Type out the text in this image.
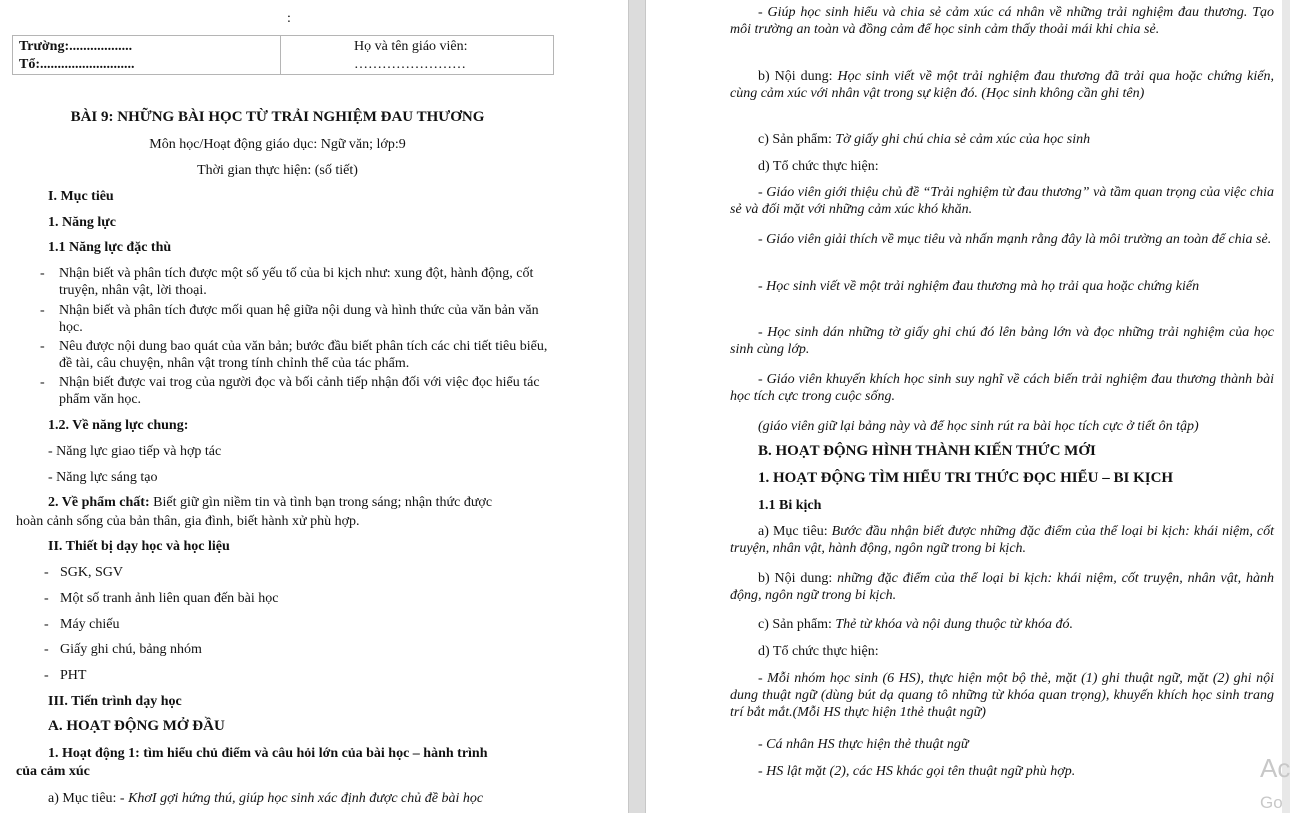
:
Trường:..................
Tổ:...........................
Họ và tên giáo viên:
……………………
BÀI 9: NHỮNG BÀI HỌC TỪ TRẢI NGHIỆM ĐAU THƯƠNG
Môn học/Hoạt động giáo dục: Ngữ văn; lớp:9
Thời gian thực hiện: (số tiết)
I. Mục tiêu
1. Năng lực
1.1 Năng lực đặc thù
-	Nhận biết và phân tích được một số yếu tố của bi kịch như: xung đột, hành động, cốt truyện, nhân vật, lời thoại.
-	Nhận biết và phân tích được mối quan hệ giữa nội dung và hình thức của văn bản văn học.
-	Nêu được nội dung bao quát của văn bản; bước đầu biết phân tích các chi tiết tiêu biểu, đề tài, câu chuyện, nhân vật trong tính chỉnh thể của tác phẩm.
-	Nhận biết được vai trog của người đọc và bối cảnh tiếp nhận đối với việc đọc hiểu tác phẩm văn học.
1.2. Về năng lực chung:
- Năng lực giao tiếp và hợp tác
- Năng lực sáng tạo
2. Về phẩm chất: Biết giữ gìn niềm tin và tình bạn trong sáng; nhận thức được
hoàn cảnh sống của bản thân, gia đình, biết hành xử phù hợp.
II. Thiết bị dạy học và học liệu
- SGK, SGV
- Một số tranh ảnh liên quan đến bài học
- Máy chiếu
- Giấy ghi chú, bảng nhóm
- PHT
III. Tiến trình dạy học
A. HOẠT ĐỘNG MỞ ĐẦU
1. Hoạt động 1: tìm hiểu chủ điểm và câu hỏi lớn của bài học – hành trình
của cảm xúc
a) Mục tiêu: - KhơI gợi hứng thú, giúp học sinh xác định được chủ đề bài học
- Giúp học sinh hiểu và chia sẻ cảm xúc cá nhân về những trải nghiệm đau thương. Tạo môi trường an toàn và đồng cảm để học sinh cảm thấy thoải mái khi chia sẻ.
b) Nội dung: Học sinh viết về một trải nghiệm đau thương đã trải qua hoặc chứng kiến, cùng cảm xúc với nhân vật trong sự kiện đó. (Học sinh không cần ghi tên)
c) Sản phẩm: Tờ giấy ghi chú chia sẻ cảm xúc của học sinh
d) Tổ chức thực hiện:
- Giáo viên giới thiệu chủ đề “Trải nghiệm từ đau thương” và tầm quan trọng của việc chia sẻ và đối mặt với những cảm xúc khó khăn.
- Giáo viên giải thích về mục tiêu và nhấn mạnh rằng đây là môi trường an toàn để chia sẻ.
- Học sinh viết về một trải nghiệm đau thương mà họ trải qua hoặc chứng kiến
- Học sinh dán những tờ giấy ghi chú đó lên bảng lớn và đọc những trải nghiệm của học sinh cùng lớp.
- Giáo viên khuyến khích học sinh suy nghĩ về cách biến trải nghiệm đau thương thành bài học tích cực trong cuộc sống.
(giáo viên giữ lại bảng này và để học sinh rút ra bài học tích cực ở tiết ôn tập)
B. HOẠT ĐỘNG HÌNH THÀNH KIẾN THỨC MỚI
1. HOẠT ĐỘNG TÌM HIỂU TRI THỨC ĐỌC HIỂU – BI KỊCH
1.1 Bi kịch
a) Mục tiêu: Bước đầu nhận biết được những đặc điểm của thể loại bi kịch: khái niệm, cốt truyện, nhân vật, hành động, ngôn ngữ trong bi kịch.
b) Nội dung: những đặc điểm của thể loại bi kịch: khái niệm, cốt truyện, nhân vật, hành động, ngôn ngữ trong bi kịch.
c) Sản phẩm: Thẻ từ khóa và nội dung thuộc từ khóa đó.
d) Tổ chức thực hiện:
- Mỗi nhóm học sinh (6 HS), thực hiện một bộ thẻ, mặt (1) ghi thuật ngữ, mặt (2) ghi nội dung thuật ngữ (dùng bút dạ quang tô những từ khóa quan trọng), khuyến khích học sinh trang trí bắt mắt.(Mỗi HS thực hiện 1thẻ thuật ngữ)
- Cá nhân HS thực hiện thẻ thuật ngữ
- HS lật mặt (2), các HS khác gọi tên thuật ngữ phù hợp.	Ac
Go
